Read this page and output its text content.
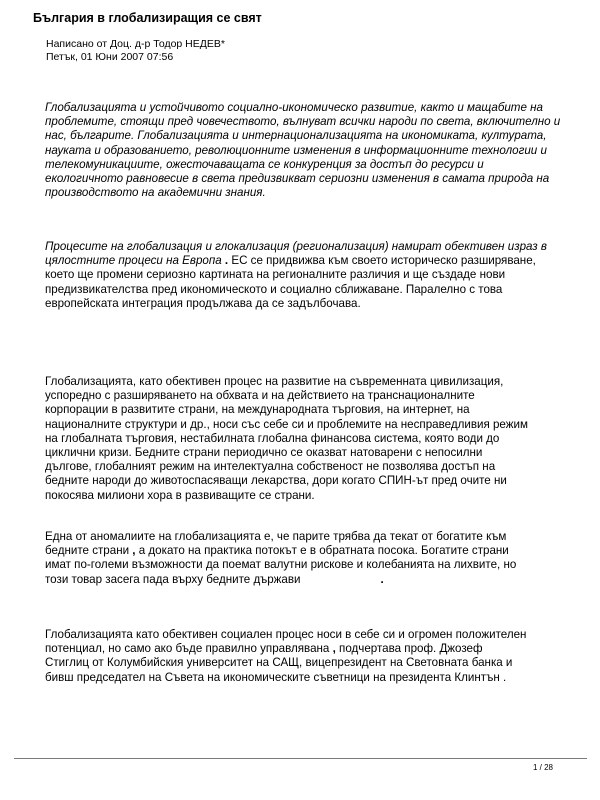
България в глобализиращия се свят
Написано от Доц. д-р Тодор НЕДЕВ*
Петък, 01 Юни 2007 07:56
Глобализацията и устойчивото социално-икономическо развитие, както и мащабите на
проблемите, стоящи пред човечеството, вълнуват всички народи по света, включително и
нас, българите. Глобализацията и интернационализацията на икономиката, културата,
науката и образованието, революционните изменения в информационните технологии и
телекомуникациите, ожесточаващата се конкуренция за достъп до ресурси и
екологичното равновесие в света предизвикват сериозни изменения в самата природа на
производството на академични знания.
Процесите на глобализация и глокализация (регионализация) намират обективен израз в
цялостните процеси на Европа . ЕС се придвижва към своето историческо разширяване,
което ще промени сериозно картината на регионалните различия и ще създаде нови
предизвикателства пред икономическото и социално сближаване. Паралелно с това
европейската интеграция продължава да се задълбочава.
Глобализацията, като обективен процес на развитие на съвременната цивилизация,
успоредно с разширяването на обхвата и на действието на транснационалните
корпорации в развитите страни, на международната търговия, на интернет, на
националните структури и др., носи със себе си и проблемите на несправедливия режим
на глобалната търговия, нестабилната глобална финансова система, която води до
циклични кризи. Бедните страни периодично се оказват натоварени с непосилни
дългове, глобалният режим на интелектуална собственост не позволява достъп на
бедните народи до животоспасяващи лекарства, дори когато СПИН-ът пред очите ни
покосява милиони хора в развиващите се страни.
Една от аномалиите на глобализацията е, че парите трябва да текат от богатите към
бедните страни , а докато на практика потокът е в обратната посока. Богатите страни
имат по-големи възможности да поемат валутни рискове и колебанията на лихвите, но
този товар засега пада върху бедните държави	.
Глобализацията като обективен социален процес носи в себе си и огромен положителен
потенциал, но само ако бъде правилно управлявана , подчертава проф. Джозеф
Стиглиц от Колумбийския университет на САЩ, вицепрезидент на Световната банка и
бивш председател на Съвета на икономическите съветници на президента Клинтън .
1 / 28
